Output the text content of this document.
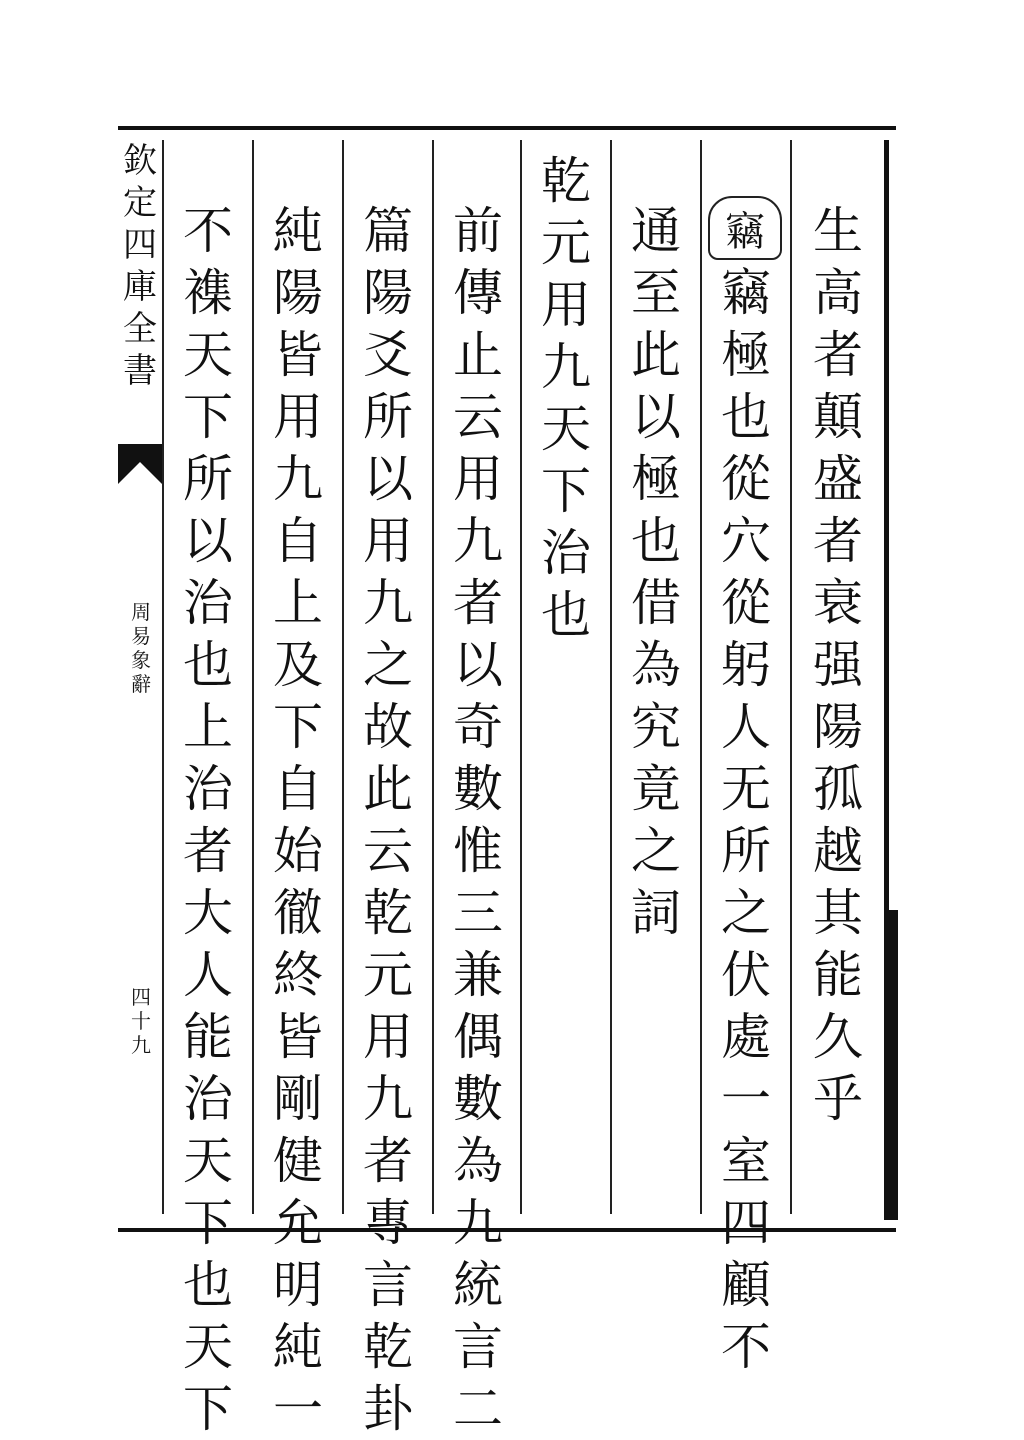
欽
定
四
庫
全
書
周
易
象
辭
四
十
九
竊 生
高
者
顛
盛
者
衰
强
陽
孤
越
其
能
久
乎
竊
極
也
從
穴
從
躬
人
无
所
之
伏
處
一
室
四
顧
不
通
至
此
以
極
也
借
為
究
竟
之
詞
乾
元
用
九
天
下
治
也
前
傳
止
云
用
九
者
以
奇
數
惟
三
兼
偶
數
為
九
統
言
二
篇
陽
爻
所
以
用
九
之
故
此
云
乾
元
用
九
者
專
言
乾
卦
純
陽
皆
用
九
自
上
及
下
自
始
徹
終
皆
剛
健
允
明
純
一
不
襍
天
下
所
以
治
也
上
治
者
大
人
能
治
天
下
也
天
下
